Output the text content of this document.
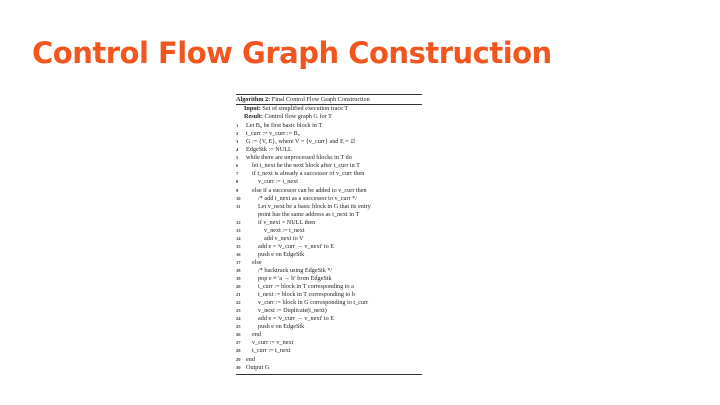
Control Flow Graph Construction
Algorithm 2: Final Control Flow Graph Construction
Input: Set of simplified execution trace T
Result: Control flow graph G for T
1	Let B₀ be first basic block in T
2	t_curr := v_curr := B₀
3	G := {V, E}, where V = {v_curr} and E = ∅
4	EdgeStk := NULL
5	while there are unprocessed blocks in T do
6	let t_next be the next block after t_curr in T
7	if t_next is already a successor of v_curr then
8	v_curr := t_next
9	else if a successor can be added to v_curr then
10	/* add t_next as a successor to v_curr */
11	Let v_next be a basic block in G that its entry
point has the same address as t_next in T
12	if v_next = NULL then
13	v_next := t_next
14	add v_next to V
15	add e = 'v_curr → v_next' to E
16	push e on EdgeStk
17	else
18	/* backtrack using EdgeStk */
19	pop e ≡ 'a → b' from EdgeStk
20	t_curr := block in T corresponding to a
21	t_next := block in T corresponding to b
22	v_curr := block in G corresponding to t_curr
23	v_next := Duplicate(t_next)
24	add e = 'v_curr → v_next' to E
25	push e on EdgeStk
26	end
27	v_curr := v_next
28	t_curr := t_next
29 end
30 Output G
